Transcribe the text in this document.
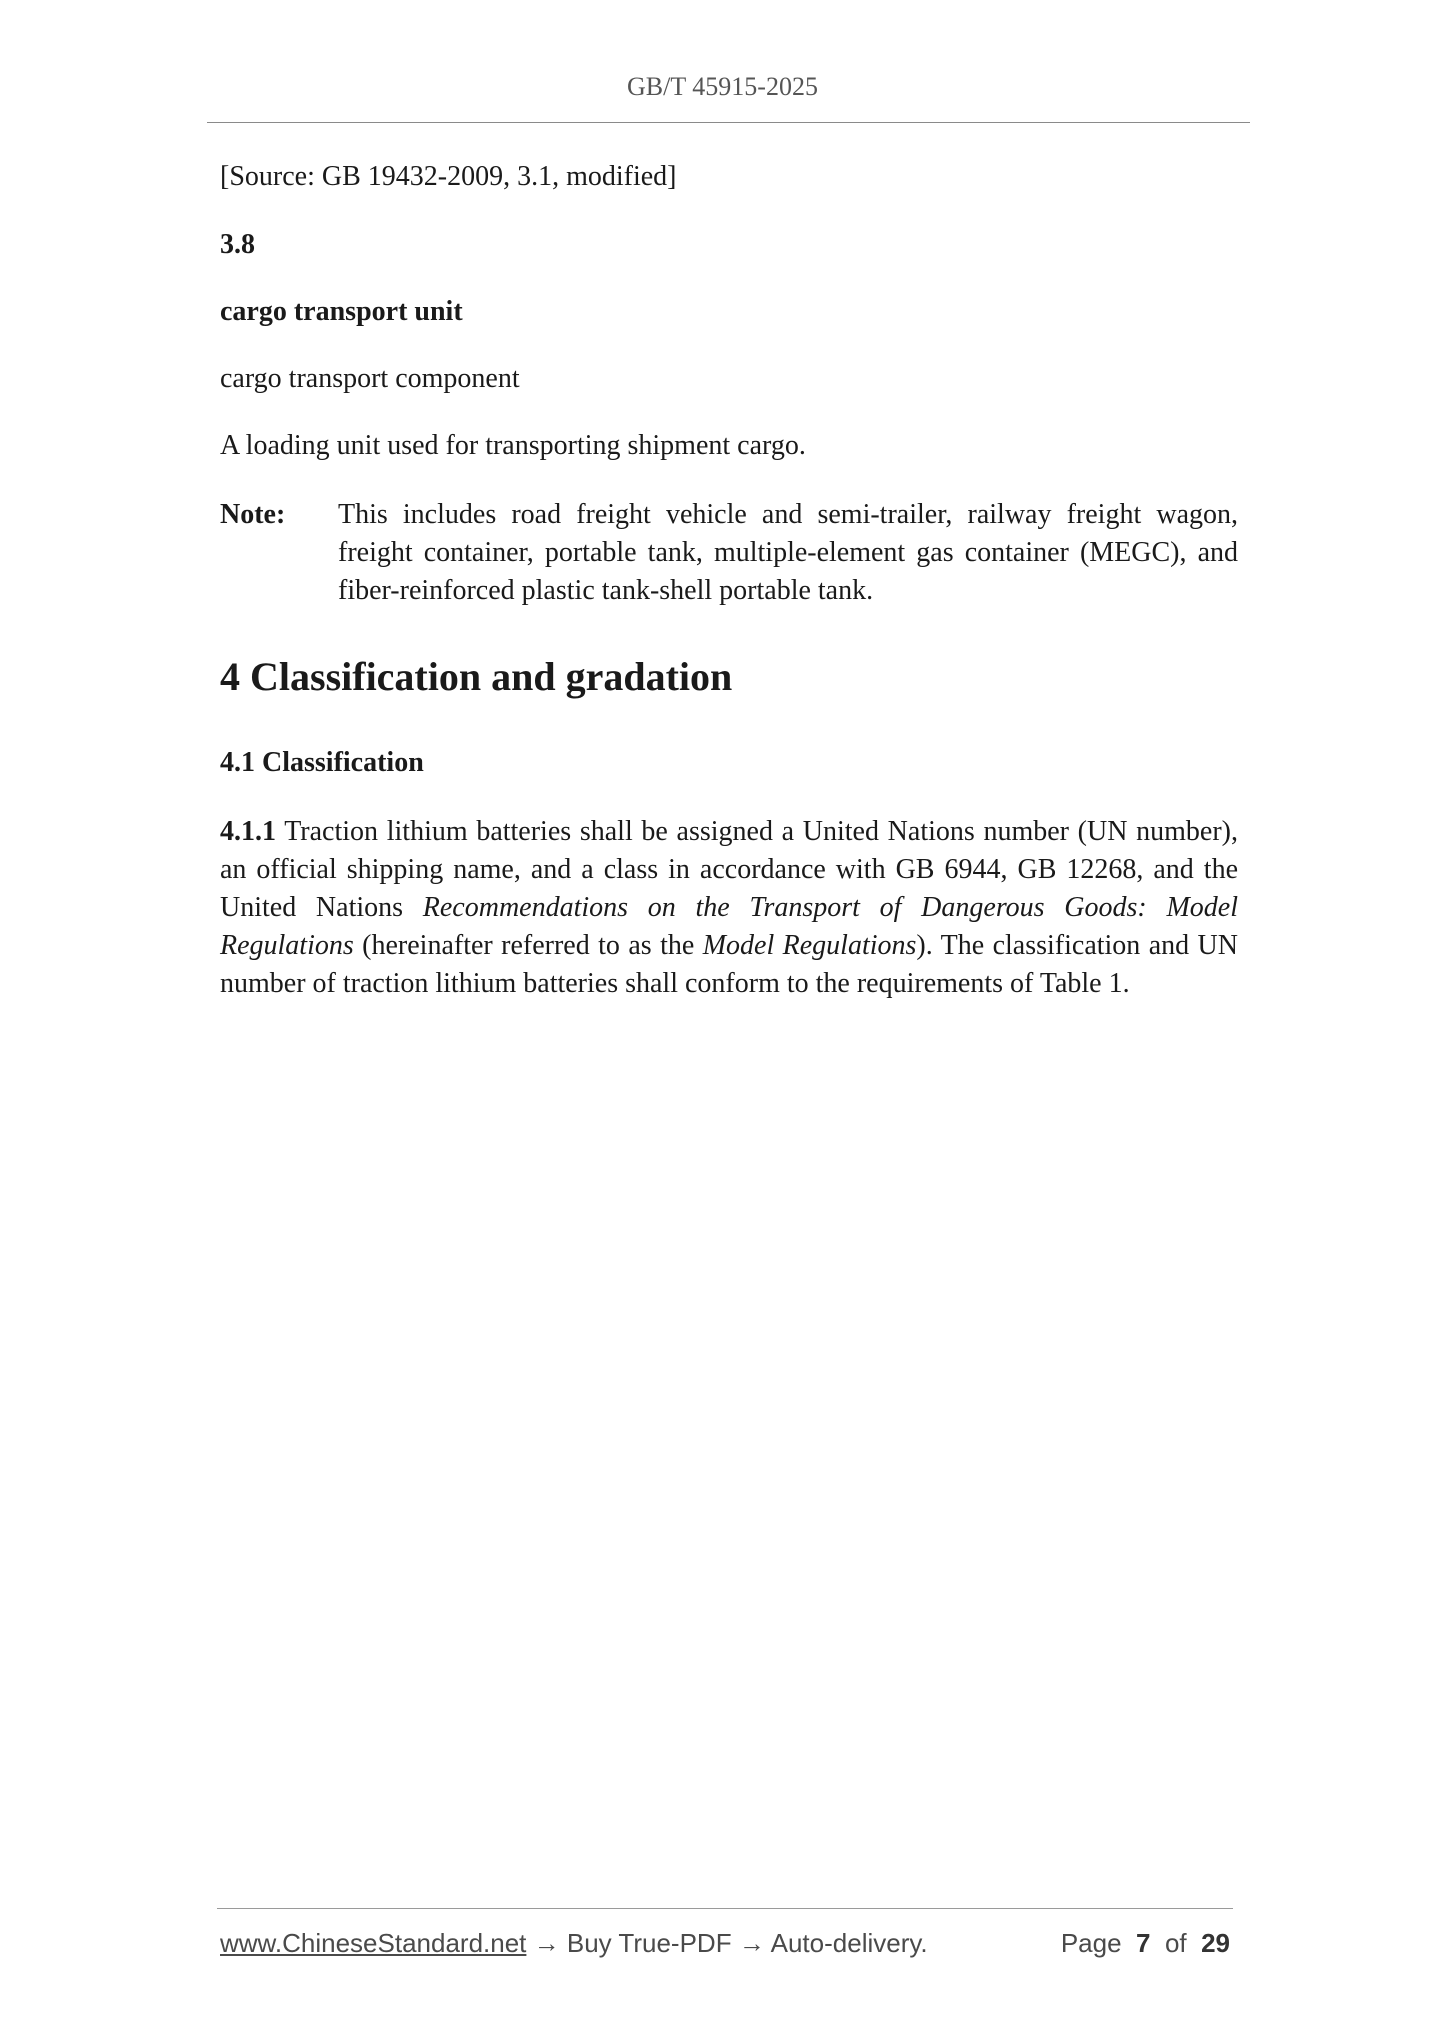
GB/T 45915-2025

[Source: GB 19432-2009, 3.1, modified]

3.8

cargo transport unit

cargo transport component

A loading unit used for transporting shipment cargo.

Note: This includes road freight vehicle and semi-trailer, railway freight wagon, freight container, portable tank, multiple-element gas container (MEGC), and fiber-reinforced plastic tank-shell portable tank.

4 Classification and gradation
4.1 Classification

4.1.1 Traction lithium batteries shall be assigned a United Nations number (UN number), an official shipping name, and a class in accordance with GB 6944, GB 12268, and the United Nations Recommendations on the Transport of Dangerous Goods: Model Regulations (hereinafter referred to as the Model Regulations). The classification and UN number of traction lithium batteries shall conform to the requirements of Table 1.

www.ChineseStandard.net → Buy True-PDF → Auto-delivery.	Page 7 of 29
